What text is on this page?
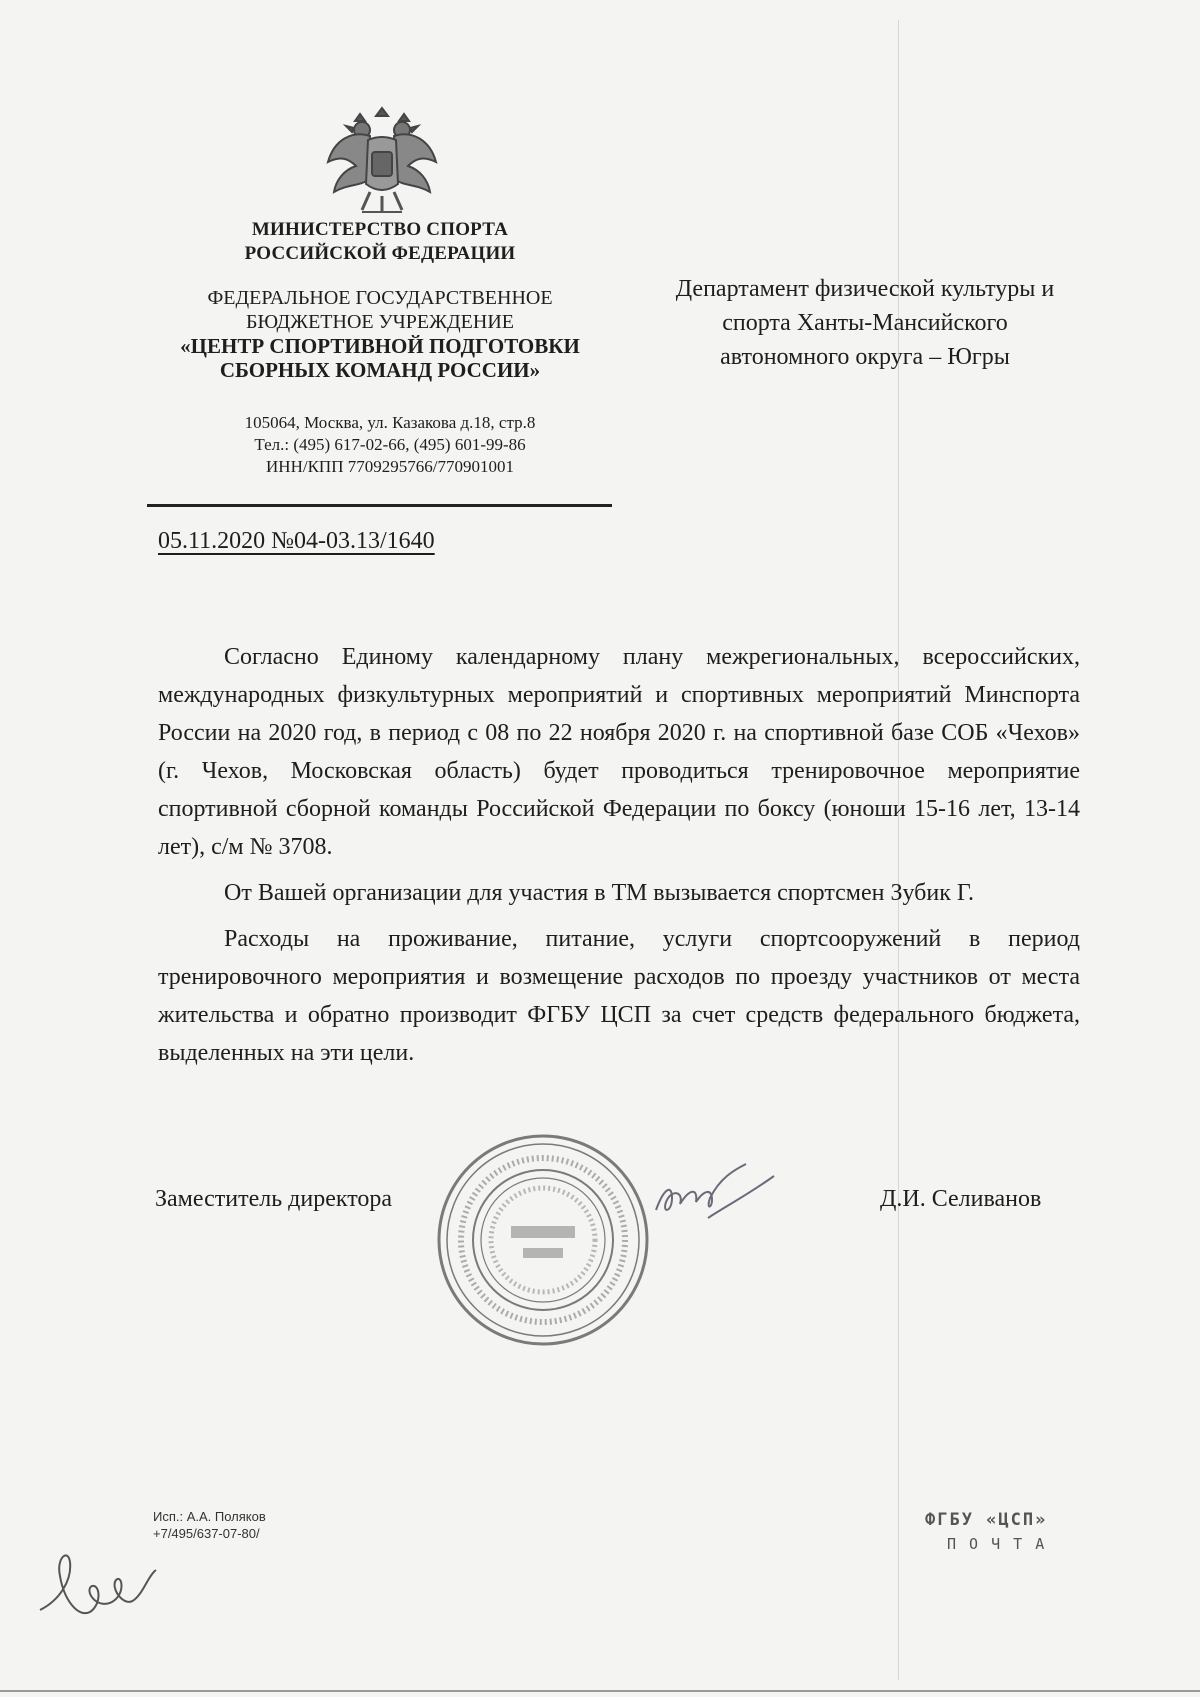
МИНИСТЕРСТВО СПОРТА
РОССИЙСКОЙ ФЕДЕРАЦИИ
ФЕДЕРАЛЬНОЕ ГОСУДАРСТВЕННОЕ
БЮДЖЕТНОЕ УЧРЕЖДЕНИЕ
«ЦЕНТР СПОРТИВНОЙ ПОДГОТОВКИ
СБОРНЫХ КОМАНД РОССИИ»
105064, Москва, ул. Казакова д.18, стр.8
Тел.: (495) 617-02-66, (495) 601-99-86
ИНН/КПП 7709295766/770901001
05.11.2020 №04-03.13/1640
Департамент физической культуры и
спорта Ханты-Мансийского
автономного округа – Югры

Согласно Единому календарному плану межрегиональных, всероссийских, международных физкультурных мероприятий и спортивных мероприятий Минспорта России на 2020 год, в период с 08 по 22 ноября 2020 г. на спортивной базе СОБ «Чехов» (г. Чехов, Московская область) будет проводиться тренировочное мероприятие спортивной сборной команды Российской Федерации по боксу (юноши 15-16 лет, 13-14 лет), с/м № 3708.

От Вашей организации для участия в ТМ вызывается спортсмен Зубик Г.

Расходы на проживание, питание, услуги спортсооружений в период тренировочного мероприятия и возмещение расходов по проезду участников от места жительства и обратно производит ФГБУ ЦСП за счет средств федерального бюджета, выделенных на эти цели.

Заместитель директора	Д.И. Селиванов
Исп.: А.А. Поляков
+7/495/637-07-80/
ФГБУ «ЦСП»
П О Ч Т А
